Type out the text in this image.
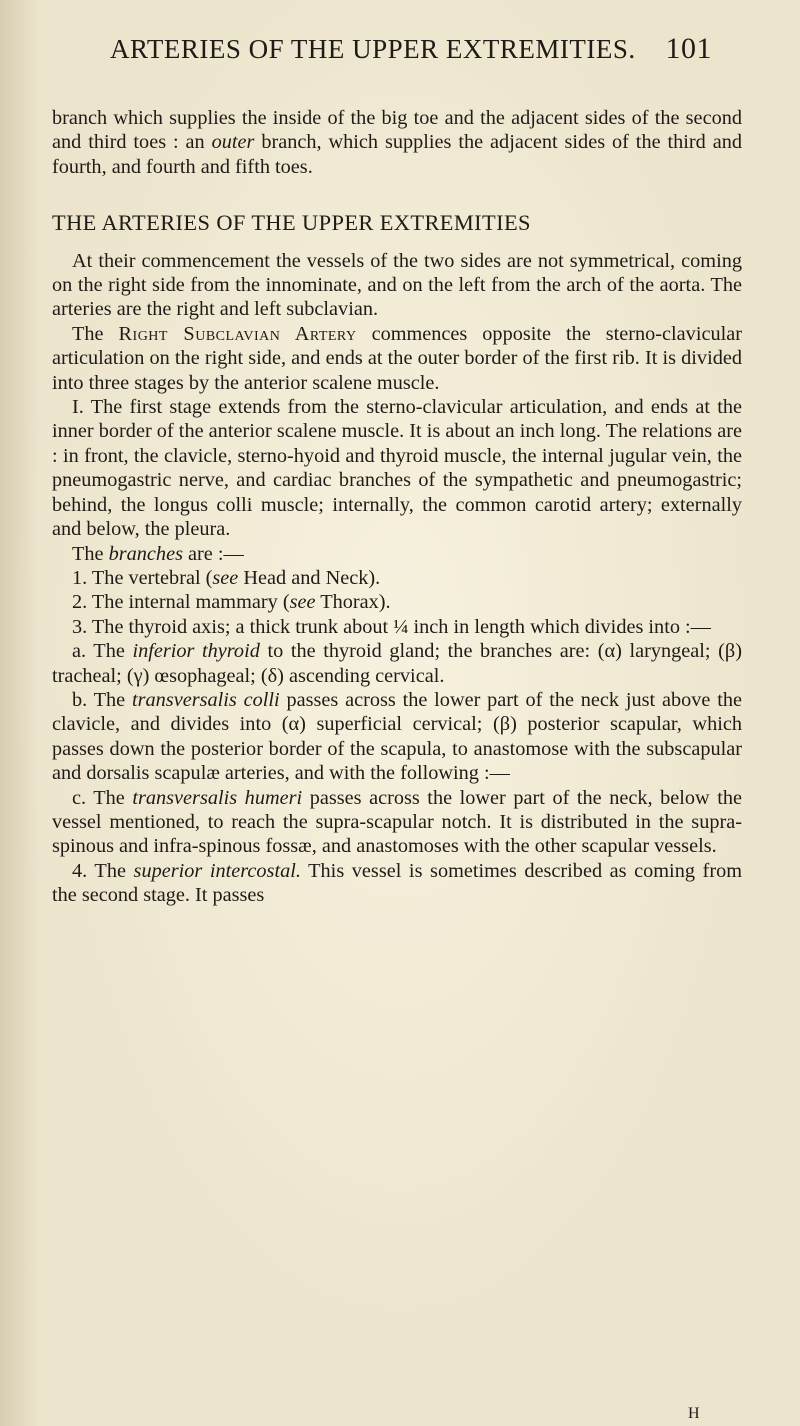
ARTERIES OF THE UPPER EXTREMITIES. 101

branch which supplies the inside of the big toe and the adjacent sides of the second and third toes : an outer branch, which supplies the adjacent sides of the third and fourth, and fourth and fifth toes.

THE ARTERIES OF THE UPPER EXTREMITIES

At their commencement the vessels of the two sides are not symmetrical, coming on the right side from the innominate, and on the left from the arch of the aorta. The arteries are the right and left subclavian.

The Right Subclavian Artery commences opposite the sterno-clavicular articulation on the right side, and ends at the outer border of the first rib. It is divided into three stages by the anterior scalene muscle.

I. The first stage extends from the sterno-clavicular articulation, and ends at the inner border of the anterior scalene muscle. It is about an inch long. The relations are : in front, the clavicle, sterno-hyoid and thyroid muscle, the internal jugular vein, the pneumogastric nerve, and cardiac branches of the sympathetic and pneumogastric; behind, the longus colli muscle; internally, the common carotid artery; externally and below, the pleura.

The branches are :—

1. The vertebral (see Head and Neck).

2. The internal mammary (see Thorax).

3. The thyroid axis; a thick trunk about ¼ inch in length which divides into :—

a. The inferior thyroid to the thyroid gland; the branches are: (α) laryngeal; (β) tracheal; (γ) œsophageal; (δ) ascending cervical.

b. The transversalis colli passes across the lower part of the neck just above the clavicle, and divides into (α) superficial cervical; (β) posterior scapular, which passes down the posterior border of the scapula, to anastomose with the subscapular and dorsalis scapulæ arteries, and with the following :—

c. The transversalis humeri passes across the lower part of the neck, below the vessel mentioned, to reach the supra-scapular notch. It is distributed in the supraspinous and infra-spinous fossæ, and anastomoses with the other scapular vessels.

4. The superior intercostal. This vessel is sometimes described as coming from the second stage. It passes

H
